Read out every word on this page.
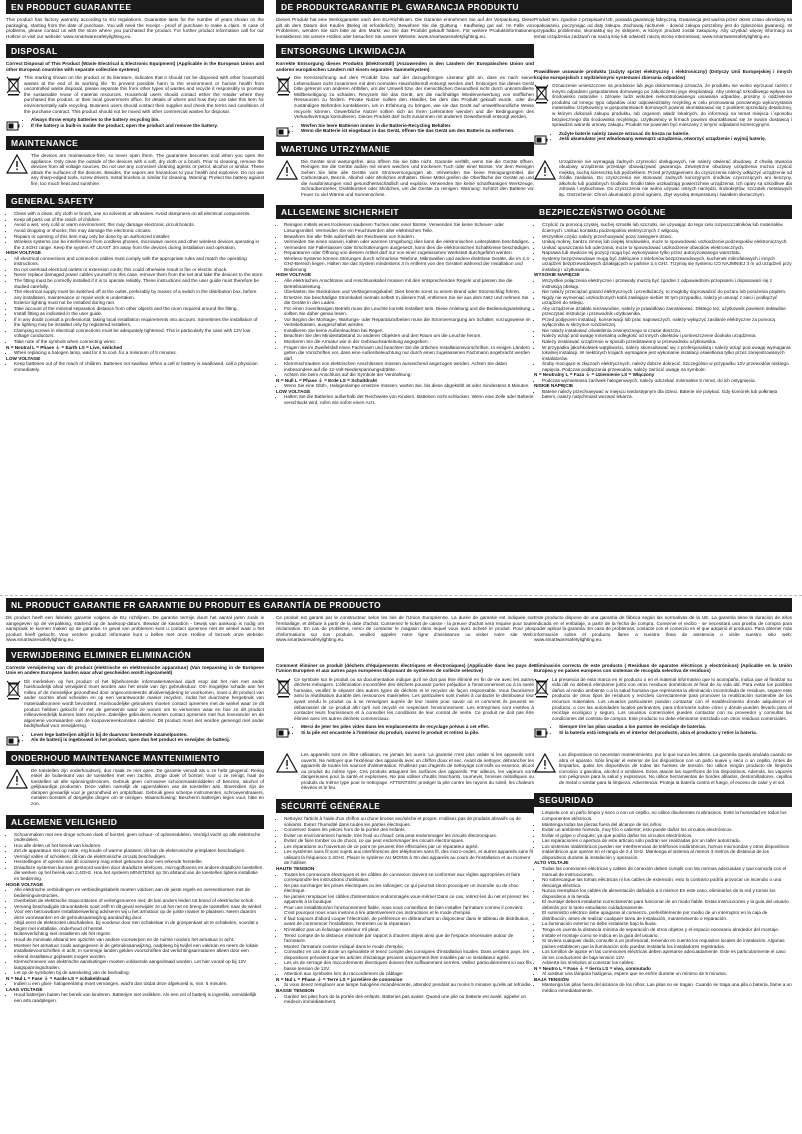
EN PRODUCT GUARANTEE
This product has factory warranty according to EU regulations. Guarantee lasts for the number of years shown on the packaging, starting from the date of purchase. You will need the receipt - proof of purchase to make a claim. In case of problems, please contact us with the store where you purchased the product. For further product information call for our Hotline or visit our website: www.smartwaresafetylighting.eu.
DISPOSAL
Correct Disposal of This Product (Waste Electrical & Electronic Equipment) (Applicable in the European Union and other European countries with separate collection systems)
This marking shown on the product or its literature, indicates that it should not be disposed with other household wastes at the end of its working life. To prevent possible harm to the environment or human health from uncontrolled waste disposal, please separate this from other types of wastes and recycle it responsibly to promote the sustainable reuse of material resources. Household users should contact either the retailer where they purchased this product, or their local government office, for details of where and how they can take this item for environmentally safe recycling. Business users should contact their supplier and check the terms and conditions of the purchase contract. This product should not be mixed with other commercial wastes for disposal.
• Always throw empty batteries to the battery recycling bin.
• If the battery is built-in inside the product, open the product and remove the battery.
MAINTENANCE
The devices are maintenance-free, so never open them. The guarantee becomes void when you open the appliance. Only clean the outside of the devices with a soft, dry cloth or a brush. Prior to cleaning, remove the devices from all voltage sources. Do not use any corrosive/ cleaning agents or petrol, alcohol or similar. These attack the surfaces of the devices. Besides, the vapors are hazardous to your health and explosive. Do not use any sharp-edged tools, screw drivers, metal brushes or similar for cleaning. Warning: Protect the battery against fire, too much heat and sunshine.
GENERAL SAFETY
• Clean with a clean, dry cloth or brush, use no solvents or abrasives. Avoid dampness on all electrical components.
• Keep all parts out of the reach of children.
• Avoid a wet, very cold or warm environment; this may damage electronic circuit boards.
• Avoid dropping or shocks; this may damage the electronic circuits.
• Repairs or opening of this item may only be done by an authorized installer.
• Wireless systems can be interference from cordless phones, microwave ovens and other wireless devices operating in the 2.4GHz range. Keep the system AT LEAST 3m away from the devices during installation and operation.
HIGH VOLTAGE
• All electrical connections and connection cables must comply with the appropriate rules and match the operating instructions.
• Do not overload electrical outlets or extension cords; this could otherwise result in fire or electric shock.
• Never replace damaged power cables yourself! In this case, remove them from the net and take the devices to the store.
• The fitting must be correctly installed if it is to operate reliably. These instructions and the user guide must therefore be studied carefully.
• The electrical supply must be switched off at the outlet, preferably by means of a switch in the distribution box, before any installation, maintenance or repair work is undertaken.
• Exterior lighting must not be installed during rain.
• Take account of the minimal separation distance from other objects and the room required around the fitting.
• Install fitting as indicated in the user guide.
• If in any doubt consult a professional, taking local installation requirements into account. Sometimes the installation of the lighting may be installed only by registered installers.
• Clamping screws in electrical connections must be adequately tightened. This is particularly the case with 12V low voltage conductors.
• Take note of the symbols when connecting wires:
N = Neutral L = Phase ⏚ = Earth LS = Live, switched
• When replacing a halogen lamp, wait for it to cool, for a minimum of 5 minutes.
LOW VOLTAGE
• Keep batteries out of the reach of children. Batteries not swallow. When a cell or battery is swallowed, call a physician immediately.
DE PRODUKTGARANTIE PL GWARANCJA PRODUKTU
Dieses Produkt hat eine Werksgarantie nach den EU-Richtlinien. Die Garantie entnehmen Sie auf der Verpackung. Diese gilt ab dem Datum des Kaufes (Beleg ist erforderlich). Bewahren Sie die Quittung - Kaufbeleg gut auf. Im Falle von Problemen, wenden Sie sich bitte an den Markt, wo Sie das Produkt gekauft haben. Für weitere Produktinformationen kontaktieren Sie unsere Hotline oder besuchen Sie unsere Website: www.smartwaresafetylighting.eu.
ENTSORGUNG LIKWIDACJA
Korrekte Entsorgung dieses Produkts (Elektromüll) (Anzuwenden in den Ländern der Europäischen Union und anderen europäischen Ländern mit einem separaten Sammelsystem)
Die Kennzeichnung auf dem Produkt bzw. auf der dazugehörigen Literatur gibt an, dass es nach seiner Lebensdauer nicht zusammen mit dem normalen Haushaltsmüll entsorgt werden darf. Entsorgen Sie dieses Gerät bitte getrennt von anderen Abfällen, um der Umwelt bzw. der menschlichen Gesundheit nicht durch unkontrollierte Müllbeseitigung zu schaden. Recyceln Sie das Gerät, um die nachhaltige Wiederverwertung von stofflichen Ressourcen zu fördern. Private Nutzer sollten den Händler, bei dem das Produkt gekauft wurde, oder die zuständigen Behörden kontaktieren, um in Erfahrung zu bringen, wie sie das Gerät auf umweltfreundliche Weise recyceln können. Gewerbliche Nutzer sollten sich an Ihren Lieferanten wenden und die Bedingungen des Verkaufsvertrags konsultieren. Dieses Produkt darf nicht zusammen mit anderem Gewerbemüll entsorgt werden.
• Werfen Sie leere Batterien immer in die Batterie-Recycling Behälter.
• Wenn die Batterie ist eingebaut in das Gerät, öffnen Sie das Gerät um den Batterie zu entfernen.
WARTUNG UTRZYMANIE
Die Geräte sind wartungsfrei, also öffnen Sie sie bitte nicht. Garantie verfällt, wenn Sie die Geräte öffnen. Reinigen Sie die Geräte außen mit einem weichen und trockenen Tuch oder einer Bürste. Vor dem Reinigen ziehen Sie bitte alle Geräte vom Stromversorgungen ab. Verwenden Sie keine Reinigungsmittel, die Carbonsäure, Benzin, Alkohol oder ähnliches enthalten. Diese Mittel greifen die Oberfläche der Geräte an und die Ausdünstungen sind gesundheitsschädlich und explosiv. Verwenden Sie keine scharfkantigen Werkzeuge, Schraubenzieher, Drahtbürsten oder ähnliches, um die Geräte zu reinigen. Warnung: Schützt den Batterie vor Feuer zu viel Wärme und Sonnenschein.
ALLGEMEINE SICHERHEIT
• Reinigen mittels eines trockenen sauberen Tuches oder einer Bürste. Verwenden Sie keine Scheuer- oder Lösungsmittel. Vermeiden Sie ein Feuchtwerden aller elektrischen Teile.
• Bewahren Sie alle Teile außerhalb der Reichweite von Kindern.
• Vermeiden Sie einen nassen, kalten oder warmen Umgebung; dies kann die elektronischen Leiterplatten beschädigen.
• Vermeiden Sie Fallenlassen oder Erschütterungen ausgesetzt, kann dies die elektronischen Schaltkreise beschädigen.
• Reparaturen oder Öffnung von diesem Artikel darf nur von einer zugelassenen Werkstatt durchgeführt werden.
• Wireless-Systeme können Störungen durch schnurlose Telefone, Mikrowellen und andere drahtlose Geräte, die im 2,4-GHz-Bereich liegen. Halten Sie das System mindestens 3 m entfernt von den Geräten während der Installation und Bedienung.
HIGH VOLTAGE
• Alle elektrischen Anschlüsse und Anschlusskabel müssen mit den entsprechenden Regeln und passen Sie die Betriebsanleitung.
• Überlasten Sie Steckdosen und Verlängerungskabel; Dies könnte sonst zu einem Brand oder Stromschlag führen.
• Ersetzen Sie beschädigte Stromkabel niemals selbst! In diesem Fall, entfernen Sie sie aus dem Netz und nehmen Sie die Geräte in den Laden.
• Für einen zuverlässigen Betrieb muss die Leuchte korrekt installiert sein. Diese Anleitung und die Bedienungsanleitung sollten Sie daher genau lesen.
• Vor Beginn der Montage-, Wartungs- oder Reparaturarbeiten muss die Stromversorgung am Schalter, vorzugsweise im Verteilerkasten, ausgeschaltet werden.
• Installieren Sie keine Außenleuchten bei Regen.
• Beachten Sie den Mindestabstand zu anderen Objekten und den Raum um die Leuchte herum.
• Montieren Sie die Armatur wie in der Gebrauchsanleitung angegeben.
• Fragen Sie im Zweifelsfall einen Fachmann und beachten Sie die örtlichen Installationsvorschriften. In einigen Ländern gelten die Vorschriften vor, dass eine Außenbeleuchtung nur durch einen zugelassenen Fachmann angebracht werden darf.
• Klemmschrauben von elektrischen Anschlüssen müssen ausreichend angezogen werden. Achten Sie dabei insbesondere auf die 12-Volt-Niederspannungsdrähte.
• Achten Sie beim Anschluss auf die Symbole der Verdrahtung:
N = Null L = Phase ⏚ = Erde LS = Schaltdraht
• Wenn Sie eine Glüh-, Halogenlampe ersetzen müssen, warten Sie, bis diese abgekühlt ist oder mindestens 5 Minuten.
LOW VOLTAGE
• Halten Sie die Batterien außerhalb der Reichweite von Kindern. Batterien nicht schlucken. Wenn eine Zelle oder Batterie verschluckt wird, rufen Sie sofort einen Arzt.

Produkt ten, zgodnie z przepisami UE, posiada gwarancję fabryczną. Gwarancja jest ważna przez okres czasu określony na opakowaniu, poczynając od daty zakupu. Zachowaj rachunek - dowód zakupu potrzebny jest do zgłoszenia gwarancji. W przypadku problemów, skontaktuj się ze sklepem, w którym produkt został zakupiony. Aby uzyskać więcej informacji na temat urządzenia zadzwoń na naszą linię lub odwiedź naszą stronę internetową: www.smartwaresafetylighting.eu.
Prawidłowe usuwanie produktu (zużyty sprzęt elektryczny i elektroniczny) (Dotyczy Unii Europejskiej i innych krajów europejskich z wydzielonymi systemami zbierania odpadów)
Oznaczenie umieszczone na produkcie lub jego dokumentacji oznacza, że produktu nie wolno wyrzucać razem z innymi odpadami gospodarstwa domowego po zakończeniu jego eksploatacji. Aby uniknąć szkodliwego wpływu na środowisko naturalne i zdrowie ludzi wskutek niekontrolowanego usuwania odpadów, prosimy o oddzielenie produktu od innego typu odpadów oraz odpowiedzialny recykling w celu promowania ponownego wykorzystania materiałów. Użytkownicy w gospodarstwach domowych powinni skontaktować się z punktem sprzedaży detalicznej, w którym dokonali zakupu produktu, lub organem władz lokalnych, do informacji na temat miejsca i sposobu bezpiecznego dla środowiska recyklingu. Użytkownicy w firmach powinni skontaktować się ze swoim dostawcą i sprawdzić warunki umowy zakupu. Produkt nie powinien być mieszany z innymi odpadami komercyjnymi.
• Zużyte baterie należy zawsze wrzucać do kosza na baterie.
• Jeśli akumulator jest wbudowany wewnątrz urządzenia, otworzyć urządzenie i wyjmij baterię.
Urządzenie nie wymagają żadnych czynności obsługowych, nie należy otwierać obudowy. Z chwilą otwarcia obudowy urządzenia przestaje obowiązywać gwarancja. Zewnętrzne obudowy urządzenia można czyścić miękką, suchą ściereczką lub pędzelkiem. Przed przystąpieniem do czyszczenia należy odłączyć urządzenie od źródła zasilania. Do czyszczenia nie stosować żadnych korozyjnych środków czyszczących ani benzyny, alkoholu lub podobnych środków. Środki takie uszkadzają powierzchnie urządzenia. Ich opary są szkodliwe dla zdrowia i wybuchowe. Do czyszczenia nie wolno używać ostrych narzędzi, śrubokrętów, szczotek metalowych itp. Ostrzeżenie: Chroń akumulator przed ogniem, zbyt wysoką temperaturą i światłem słonecznym.
BEZPIECZEŃSTWO OGÓLNE
• Czyścić za pomocą czystej, suchej szmatki lub szczotki, nie używając do tego celu rozpuszczalników lub materiałów ściernych. Unikać kontaktu podzespołów elektrycznych z wilgocią.
• Wszystkie części należy przechowywać poza zasięgiem dzieci.
• Unikaj mokrej, bardzo zimnej lub ciepłej środowisko, może to spowodować uszkodzenie podzespołów elektronicznych.
• Unikać upuszczania lub uderzania, może to spowodować uszkodzenie obwodów elektronicznych.
• Naprawa lub otwarcie tej pozycji mogą być wykonywane tylko przez autoryzowanego warsztatu.
• Systemy bezprzewodowe mogą być zakłócane z telefonów bezprzewodowych, kuchenek mikrofalowych i innych urządzeń bezprzewodowych działających w paśmie 2,4 GHz. Trzymaj się systemu CO NAJMNIEJ 3 m od urządzeń przy instalacji i użytkowaniu.
WYSOKIE NAPIĘCIE
• Wszystkie połączenia elektryczne i przewody muszą być zgodne z odpowiednimi przepisami i dopasowań się z instrukcją obsługi.
• Nie należy przeciążać gniazd elektrycznych i przedłużaczy, to mogłoby doprowadzić do pożaru lub porażenia prądem.
• Nigdy nie wymieniać uszkodzonych kabli zasilające siebie! W tym przypadku, należy je usunąć z sieci i podłączyć urządzeń do sklepu.
• Aby urządzenie działało niezawodnie, należy je prawidłowo zainstalować. Dlatego też, użytkownik powinien dokładnie przeczytać instrukcje i przewodnik użytkownika.
• Przed podjęciem instalacji, konserwacji lub prac naprawczych, należy wyłączyć zasilanie elektryczne za pomocą wyłącznika w skrzynce rozdzielczej.
• Nie należy instalować oświetlenia zewnętrznego w czasie deszczu.
• Należy wziąć pod uwagę minimalną odległość od innych obiektów i pomieszczenie dookoła urządzenia.
• Należy instalować urządzenie w sposób przedstawiony w przewodniku użytkownika.
• W przypadku jakichkolwiek wątpliwości, należy skonsultować się z profesjonalistą i należy wziąć pod uwagę wymagania lokalnej instalacji. W niektórych krajach wymagane jest wykonanie instalacji oświetlenia tylko przez zarejestrowanych instalatorów.
• Śruby mocujące w złączach elektrycznych, należy dobrze dokręcić. Szczególnie w przypadku 12V przewodów niskiego napięcia. Podczas podłączania przewodów, należy zwrócić uwagę na symbole:
N = Neutralny L = Faza ⏚ = Uziemienie LS = Włączony
• Podczas wymieniania żarówek halogenowych, należy odczekać minimalnie 5 minut, do ich ostygnięcia.
NISKIE NAPIĘCIE
• Baterie należy przechowywać w miejscu niedostępnym dla dzieci. Baterie nie połykać. Gdy komórek lub połknięta baterii, należy natychmiast wezwać lekarza.
NL PRODUCT GARANTIE FR GARANTIE DU PRODUIT ES GARANTÍA DE PRODUCTO
Dit product heeft een fabrieks garantie volgens de EU richtlijnen. De garantie termijn duurt het aantal jaren zoals is aangegeven op de verpakking, startend op de aankoop-datum. Bewaar de kassabon - bewijs van aankoop is nodig om aanspraak te kunnen maken op de garantie. In geval van problemen kunt u contact opnemen met de winkel waar u het product heeft gekocht. Voor verdere product informatie kunt u bellen met onze Hotline of bezoek onze website: www.smartwaresafetylighting.eu.
VERWIJDERING ELIMINER ELIMINACIÓN
Correcte verwijdering van dit product (elektrische en elektronische apparatuur) (Van toepassing in de Europese Unie en andere Europese landen waar afval gescheiden wordt ingezameld)
Dit merkteken op het product of het bijbehorende informatiemateriaal duidt erop dat het niet met ander huishoudelijk afval verwijderd moet worden aan het einde van zijn gebruiksduur. Om mogelijke schade aan het milieu of de menselijke gezondheid door ongecontroleerde afvalverwijdering te voorkomen, moet u dit product van ander soorten afval scheiden en op een verantwoorde manier recyclen, zodat het duurzame hergebruik van materiaalbronnen wordt bevorderd. Huishoudelijke gebruikers moeten contact opnemen met de winkel waar ze dit product hebben gekocht of met de gemeente waar ze wonen om te vernemen waar en hoe ze dit product milieuvriendelijk kunnen laten recyclen. Zakelijke gebruikers moeten contact opnemen met hun leverancier en de algemene voorwaarden van de koopovereenkomsten nalezen. Dit product moet niet worden gemengd met ander bedrijfsafval voor verwijdering.
• Lever lege batterijen altijd in bij de daarvoor bestemde inzamelpunten.
• Als de batterij is ingebouwd in het product, open dan het product en verwijder de batterij.
ONDERHOUD MAINTENANCE MANTENIMIENTO
De toestellen zijn onderhoudsvrij, dus maak ze niet open. De garantie vervalt als u ze hebt geopend. Reinig enkel de buitenkant van de toestellen met een zachte, droge doek of borstel. Voor u ze reinigt, haal de toestellen uit alle spanningsbronnen. Gebruik geen corrosieve schoonmaakmiddelen of benzine, alcohol of gelijkaardige producten. Deze vallen namelijk de oppervlakken van de toestellen aan. Bovendien zijn de dampen gevaarlijk voor je gezondheid en ontplofbaar. Gebruik geen scherpe instrumenten, schroevendraaiers, metalen borstels of dergelijke dingen om te reinigen. Waarschuwing: Bescherm batterijen tegen vuur, hitte en zon.
ALGEMENE VEILIGHEID
• Schoonmaken met een droge schone doek of borstel, geen schuur- of oplosmiddelen. Vermijd vocht op alle elektrische onderdelen.
• Hou alle delen uit het bereik van kinderen.
• Zet de apparatuur niet op natte, erg koude of warme plaatsen; dit kan de elektronische printplaten beschadigen.
• Vermijd vallen of schokken; dit kan de elektronische circuits beschadigen.
• Herstellingen of openen van dit voorwerp mag enkel gebeuren door een erkende hersteller.
• Draadloze systemen kunnen gestoord worden door draadloze telefoons, microgolfovens en andere draadloze toestellen die werken op het bereik van 2,4GHz. Hou het systeem MINSTENS op 3m afstand van de toestellen tijdens installatie en bediening.
HOGE VOLTAGE
• Alle elektrische verbindingen en verbindingskabels moeten voldoen aan de juiste regels en overeenkomen met de bedieningsinstructies.
• Overbelast de elektrische stopcontacten of verlengsnoeren niet; dit kan anders leiden tot brand of elektrische schok.
• Vervang beschadigde stroomkabels nooit zelf! In dit geval verwijder ze uit het net en breng de toestellen naar de winkel.
• Voor een betrouwbare installatie/werking adviseren wij u het armatuur op de juiste manier te plaatsen. Neem daarom deze voorwaarden en de gebruiksaanwijzing aandachtig door.
• Altijd eerst de elektriciteit uitschakelen, bij voorkeur door een schakelaar in de groepenkast uit te schakelen, voordat u begint met installatie, onderhoud of herstel.
• Buitenverlichting niet installeren als het regent.
• Houd de minimale afstand ten opzichte van andere voorwerpen en de ruimte rondom het armatuur in acht.
• Monteer het armatuur zoals aangegeven in de gebruiksaanwijzing, nadpleeg bij twijfel een vakman en neem de lokale installatievoorschriften in acht. In sommige landen gelden voorschriften dat verlichtingsarmaturen alleen door een erkend installateur geplaatst mogen worden.
• Klemschroeven van elektrische aansluitingen moeten voldoende aangedraaid worden. Let hier vooral op bij 12V laagspanningsdraden.
• Let op de symbolen bij de aansluiting van de bedrading:
N = Nul L = Fase ⏚ = Aarde LS = schakeldraad
• Indien u een gloei- halogeenlamp moet vervangen, wacht dan totdat deze afgekoeld is, min. 5 minuten.
LAAG VOLTAGE
• Houd batterijen buiten het bereik van kinderen. Batterijen niet inslikken. Als een cel of batterij is ingeslikt, onmiddellijk een arts raadplegen.

Ce produit est garanti par le constructeur selon les lois de l'Union Européenne. La durée de garantie est indiquée sur l'emballage, et débute à partir de la date d'achat. Conservez le ticket de caisse - la preuve d'achat sera requise pour toute réclamation. En cas de problème, merci de contacter le magasin dans lequel vous avez acheté le produit. Pour plus d'informations sur nos produits, veuillez appeler notre ligne d'assistance ou visiter notre site Web: www.smartwaresafetylighting.eu.
Comment éliminer ce produit (déchets d'équipements électriques et électroniques) (Applicable dans les pays de l'Union Européen et aux autres pays européens disposant de systèmes de collecte sélective)
Ce symbole sur le produit ou sa documentation indique qu'il ne doit pas être éliminé en fin de vie avec les autres déchets ménagers. L'élimination incontrôlée des déchets pouvant porter préjudice à l'environnement ou à la santé humaine, veuillez le séparer des autres types de déchets et le recycler de façon responsable. Vous favoriserez ainsi la réutilisation durable des ressources matérielles. Les particuliers sont invités à contacter le distributeur leur ayant vendu le produit ou à se renseigner auprès de leur mairie pour savoir où et comment ils peuvent se débarrasser de ce produit afin qu'il soit recyclé en respectant l'environnement. Les entreprises sont invitées à contacter leurs fournisseurs et à consulter les conditions de leur contrat de vente. Ce produit ne doit pas être éliminé avec les autres déchets commerciaux.
• Merci de jeter les piles vides dans les emplacements de recyclage prévus à cet effet.
• Si la pile est encastrée à l'intérieur du produit, ouvrez le produit et retirez la pile.
Les appareils sont en libre utilisation, ne jamais les ouvrir. La garantie n'est plus valide si les appareils sont ouverts. Ne nettoyer que l'extérieur des appareils avec un chiffon doux et sec. Avant de nettoyer, débrancher les appareils de toutes les sources d'alimentation. N'utilisez pas d'agents de nettoyage corrosifs ou essence, alcool ou produit du même type. Ces produits attaquent les surfaces des appareils. Par ailleurs, les vapeurs sont dangereuses pour la santé et explosives. Ne pas utiliser d'outils tranchants, tournevis, brosses métalliques ou produits du même type pour le nettoyage. ATTENTION: protéger la pile contre les rayons du soleil, les chaleurs élevées et le feu.
SÉCURITÉ GÉNÉRALE
• Nettoyez l'article à l'aide d'un chiffon ou d'une brosse sec/sèche et propre; n'utilisez pas de produits abrasifs ou de solvants. Évitez l'humidité dans toutes les parties électriques.
• Conservez toutes les pièces hors de la portée des enfants.
• Éviter un environnement humide, très froid ou chaud; cela peut endommager les circuits électroniques.
• Évitez de faire tomber ou de chocs, ce qui peut endommager les circuits électroniques.
• Les réparations ou l'ouverture de ce point ne peuvent être effectuées par un réparateur agréé.
• Les systèmes sans fil sont sujets aux interférences des téléphones sans fil, des micro-ondes, et autres appareils sans fil utilisant la fréquence 2.4GHz. Placer le système AU MOINS à 3m des appareils au cours de l'installation et au moment de l'utiliser.
HAUTE TENSION
• Toutes les connexions électriques et les câbles de connexion doivent se conformer aux règles appropriées et faire correspondre les instructions d'utilisation.
• Ne pas surcharger les prises électriques ou les rallonges; ce qui pourrait sinon provoquer un incendie ou de choc électrique.
• Ne jamais remplacer les câbles d'alimentation endommagés vous-même! Dans ce cas, retirez-les du net et prenez les appareils à la boutique.
• Pour une installation/un fonctionnement fiable, nous vous conseillons de bien installer l'armature comme il convient. C'est pourquoi nous vous invitons à lire attentivement ces instructions et le mode d'emploi.
• Il faut toujours d'abord couper l'électricité, de préférence en débranchant un disjoncteur dans le tableau de distribution, avant de commencer l'installation, l'entretien ou la réparation.
• N'installez pas un éclairage extérieur s'il pleut.
• Tenez compte de la distance minimale par rapport à d'autres objets ainsi que de l'espace nécessaire autour de l'armature.
• Montez l'armature comme indiqué dans le mode d'emploi.
• Consultez en cas de doute un spécialiste et tenez compte des consignes d'installation locales. Dans certains pays, les dispositions prévoient que les articles d'éclairage peuvent uniquement être installés par un installateur agréé.
• Les vis de serrage des raccordements électriques doivent être suffisamment serrées. Veillez particulièrement ici aux fils basse tension de 12V.
• Attention aux symboles lors du raccordement du câblage:
N = Nul L = Phase ⏚ = Terre LS = jarretière de connexion
• Si vous devez remplacer une lampe halogène incandescente, attendez pendant au moins 5 minutes qu'elle ait refroidie.
BASSE TENSION
• Gardez les piles hors de la portée des enfants. Batteries pas avaler. Quand une pile ou batterie est avalé, appeler un médecin immédiatement.

Este producto dispone de una garantía de fábrica según las normativas de la UE. La garantía tiene la duración de años indicada en el embalaje, a partir de la fecha de compra. Conserve el recibo - se necesitará una prueba de compra para poder aplicar la garantía. En caso de problemas, contacte con el comercio en el que adquirió el producto. Para obtener más información sobre el producto, llame a nuestra línea de asistencia o visite nuestro sitio web: www.smartwaresafetylighting.eu.
Eliminación correcta de este producto ( Residuos de aparatos eléctricos y electrónicos) (Aplicable en la Unión Europea y en países europeos con sistemas de recogida selectiva de residuos)
La presencia de esta marca en el producto o en el material informativo que lo acompaña, indica que al finalizar su vida útil no deberá eliminarse junto con otros residuos domésticos al final de su vida útil. Para evitar los posibles daños al medio ambiente o a la salud humana que representa la eliminación incontrolada de residuos, separe este producto de otros tipos de residuos y recíclelo correctamente para promover la reutilización sostenible de los recursos materiales. Los usuarios particulares pueden contactar con el establecimiento donde adquirieron el producto, o con las autoridades locales pertinentes, para informarse sobre cómo y dónde pueden llevarlo para el reciclaje ecológico y seguro. Los usuarios comerciales pueden contactar con su proveedor y consultar las condiciones del contrato de compra. Este producto no debe eliminarse mezclado con otros residuos comerciales.
• Siempre tire las pilas usadas a los puntos de reciclaje de baterías.
• Si la batería está integrada en el interior del producto, abra el producto y retire la batería.
Los dispositivos no necesitan mantenimiento, por lo que nunca les abren. La garantía queda anulada cuando se abra el aparato. Sólo limpiar el exterior de los dispositivos con un paño suave y seco o un cepillo. Antes de limpiarlos, quitar los dispositivos de todas las fuentes de tensión. No utilice ningún producto de limpieza corrosivo o gasolina, alcohol o similares. Estos atacan las superficies de los dispositivos. Además, los vapores son peligrosos para la salud y explosivos. No utilice herramientas de bordes afilados, destornilladores, cepillos de metal o similar para la limpieza. Advertencia: Proteja la batería contra el fuego, el exceso de calor y el sol.
SEGURIDAD
• Limpiela con un paño limpio y seco o con un cepillo, no utilice disolventes ni abrasivos. Evite la humedad en todos los componentes eléctricos.
• Mantenga todas las piezas fuera del alcance de los niños.
• Evitar un ambiente húmedo, muy frío o caliente; esto puede dañar los circuitos electrónicos.
• Evitar el golpe o choques; ya que podría dañar los circuitos electrónicos.
• Las reparaciones o apertura de este artículo sólo podrán ser realizadas por un taller autorizado.
• Los sistemas inalámbricos pueden ser interferencias de teléfonos inalámbricos, hornos microondas y otros dispositivos inalámbricos que operan en el rango de 2,4 GHz. Mantenga el sistema al menos 3 metros de distancia de los dispositivos durante la instalación y operación.
ALTO VOLTAJE
• Todas las conexiones eléctricas y cables de conexión deben cumplir con las normas adecuadas y que coincida con el manual de instrucciones.
• No sobrecargue las tomas eléctricas ni los cables de extensión; esto lo contrario podría provocar un incendio o una descarga eléctrica.
• Nunca reemplace los cables de alimentación dañados a ti mismo! En este caso, eliminarlos de la red y tomar los dispositivos a la tienda.
• El montaje deberá instalarse correctamente para funcionar de un modo fiable. Estas instrucciones y la guía del usuario deberán por lo tanto estudiarse cuidadosamente.
• El suministro eléctrico debe apagarse al comienzo, preferiblemente por medio de un interruptor en la caja de distribución, antes de realizar cualquier tarea de instalación, mantenimiento o reparación.
• La iluminación exterior no debe instalarse bajo la lluvia.
• Tenga en cuenta la distancia mínima de separación de otros objetos y el espacio necesario alrededor del montaje.
• Instale el montaje como se indica en la guía del usuario.
• Si tuviera cualquier duda, consulte a un profesional, teniendo en cuenta los requisitos locales de instalación. Algunas países establecen que la iluminación solo puedan instalarla los instaladores registrados.
• Los tornillos de ajuste en las conexiones eléctricas deben apretarse adecuadamente. Éste es particularmente el caso de los conductores de baja tensión 12V.
• Advierta los símbolos al conectar los cables:
N = Neutro L = Fase ⏚ = tierra LS = vivo, conmutado
• Al sustituir una lámpara halógena, espere que se enfríe durante un mínimo de 5 minutos.
BAJA TENSIÓN
• Mantenga las pilas fuera del alcance de los niños. Las pilas no se tragan. Cuando se traga una pila o batería, llame a un médico inmediatamente.
